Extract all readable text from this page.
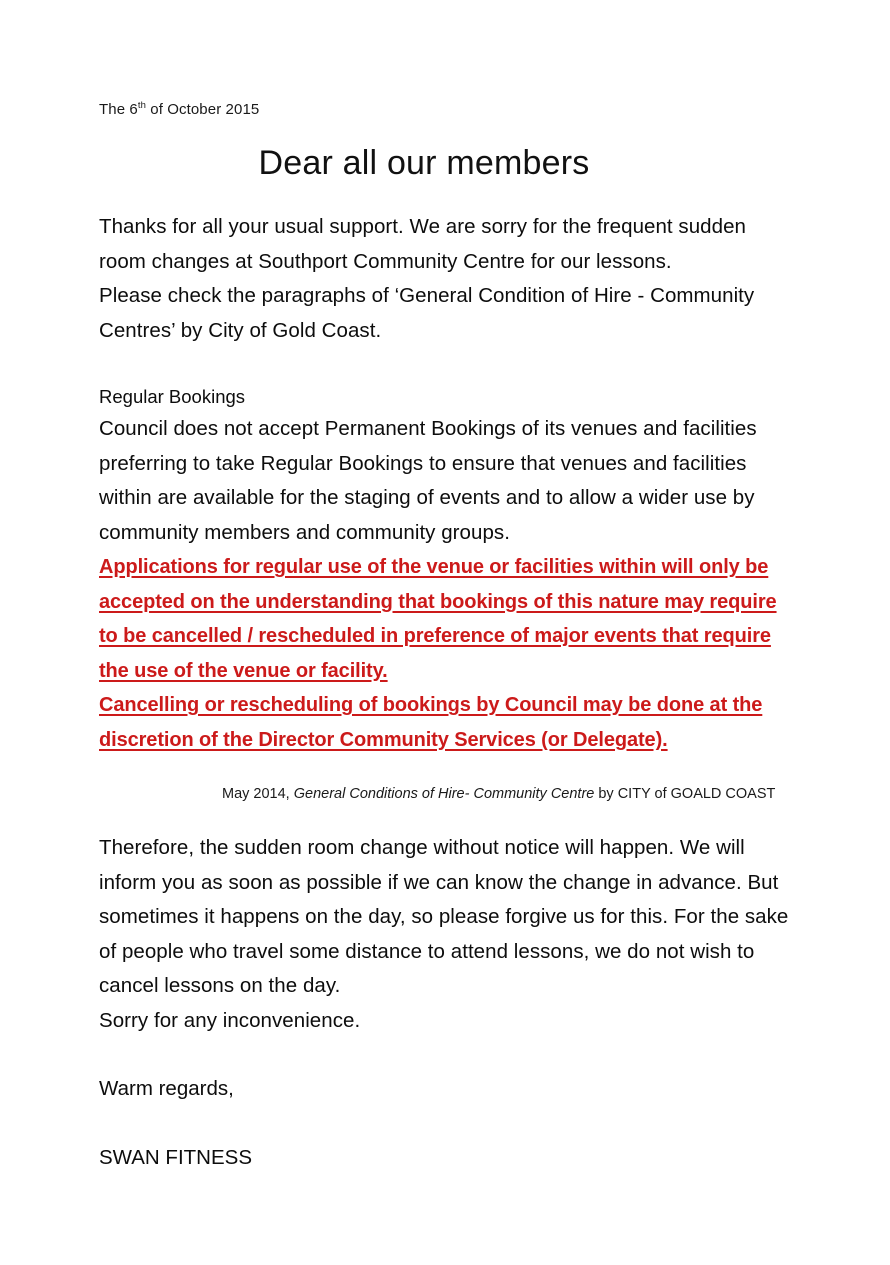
The 6th of October 2015

Dear all our members

Thanks for all your usual support. We are sorry for the frequent sudden room changes at Southport Community Centre for our lessons.

Please check the paragraphs of ‘General Condition of Hire - Community Centres’ by City of Gold Coast.

Regular Bookings

Council does not accept Permanent Bookings of its venues and facilities preferring to take Regular Bookings to ensure that venues and facilities within are available for the staging of events and to allow a wider use by community members and community groups.

Applications for regular use of the venue or facilities within will only be accepted on the understanding that bookings of this nature may require to be cancelled / rescheduled in preference of major events that require the use of the venue or facility.

Cancelling or rescheduling of bookings by Council may be done at the discretion of the Director Community Services (or Delegate).

May 2014, General Conditions of Hire- Community Centre by CITY of GOALD COAST

Therefore, the sudden room change without notice will happen. We will inform you as soon as possible if we can know the change in advance. But sometimes it happens on the day, so please forgive us for this. For the sake of people who travel some distance to attend lessons, we do not wish to cancel lessons on the day.

Sorry for any inconvenience.

Warm regards,

SWAN FITNESS
